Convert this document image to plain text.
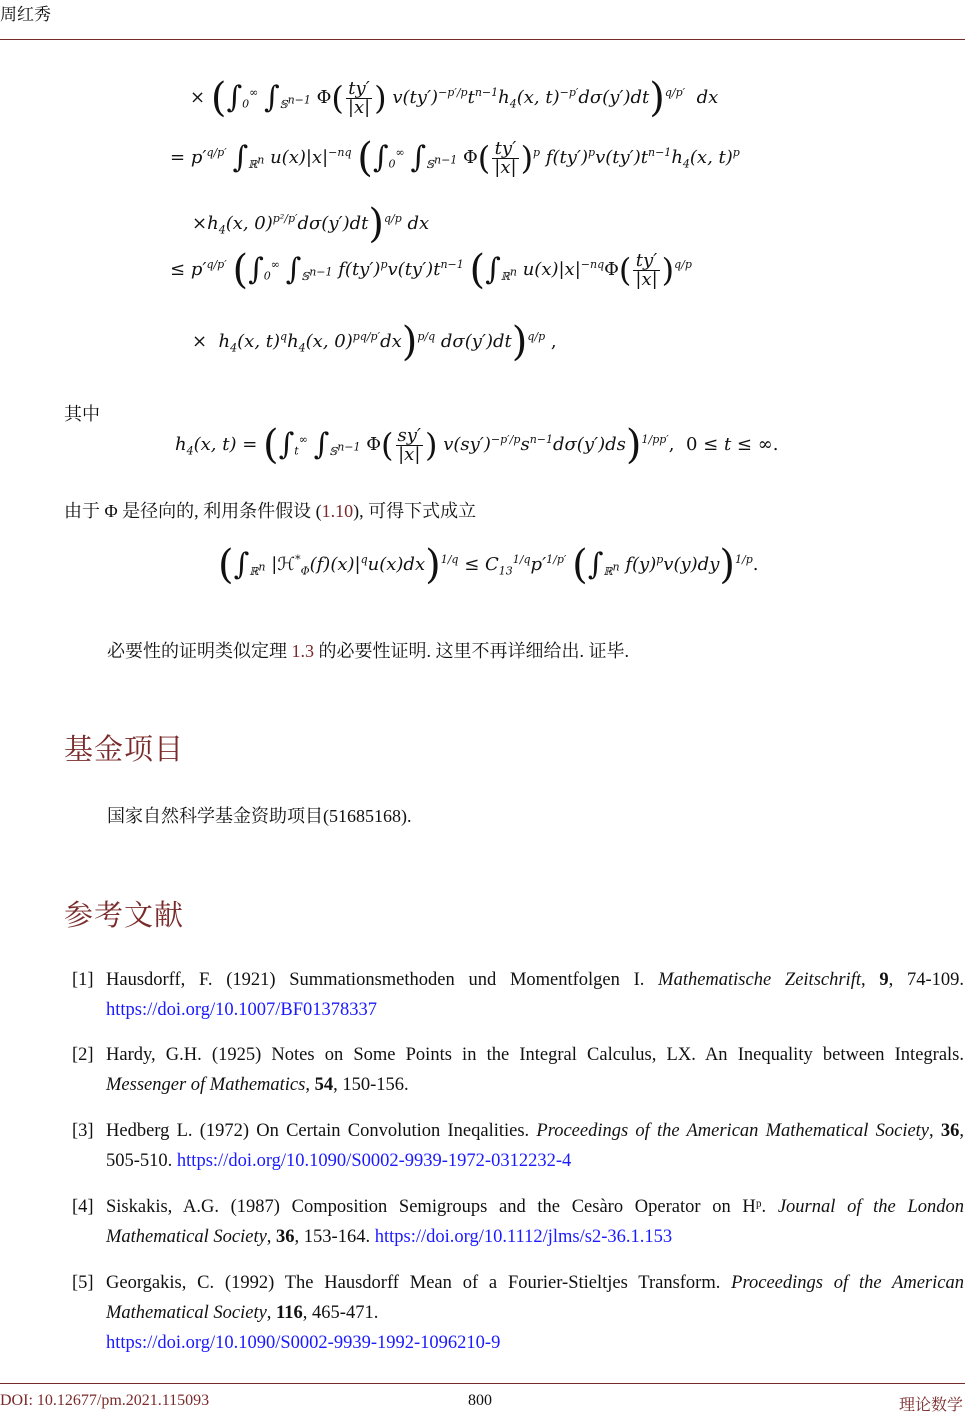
周红秀
× ($\int_0^\infty$ $\int_{𝕊^{n-1}}$ $\Phi( \frac{ty'}{|x|}$ ) $v(ty')^{-p'/p}t^{n-1}h_4(x$, t)$^{-p'}$dσ(y′)dt)$^{q/p'}$  dx
= $p'^{q/p'}$ $\int_{ℝ^n}$ $u(x)|x|^{-nq}$ ($\int_0^\infty$ $\int_{𝕊^{n-1}}$ $\Phi( \frac{ty'}{|x|} )^p$ $f(ty')^pv(ty')t^{n-1}h_4(x$, t)$^p$
$\times h_4(x$, 0)$^{p^2/p'}$dσ(y′)dt)$^{q/p}$ dx
≤ $p'^{q/p'}$ ($\int_0^\infty$ $\int_{𝕊^{n-1}}$ $f(ty')^pv(ty')t^{n-1}$ ($\int_{ℝ^n}$ $u(x)|x|^{-nq}\Phi( \frac{ty'}{|x|} )^{q/p}$
×  $h_4(x$, $t)^qh_4(x$, 0)$^{pq/p'}$dx)$^{p/q}$ dσ(y′)dt)$^{q/p}$ ,
其中
$h_4(x$, $t) = (\int_t^\infty$ $\int_{𝕊^{n-1}}$ $\Phi( \frac{sy'}{|x|}$ ) $v(sy')^{-p'/p}s^{n-1}d\sigma(y')ds)^{1/pp'}$, 0 ≤ t ≤ ∞.
由于 Φ 是径向的, 利用条件假设 (1.10), 可得下式成立
($\int_{ℝ^n}$ $|ℋ^*_\Phi(f)(x)|^qu(x)dx)^{1/q} \le C_{13}^{1/q}p'^{1/p'}$ ($\int_{ℝ^n}$ $f(y)^pv(y)dy)^{1/p}$.
必要性的证明类似定理 1.3 的必要性证明. 这里不再详细给出. 证毕.
基金项目
国家自然科学基金资助项目(51685168).
参考文献
[1] Hausdorff, F. (1921) Summationsmethoden und Momentfolgen I. Mathematische Zeitschrift, 9, 74-109. https://doi.org/10.1007/BF01378337
[2] Hardy, G.H. (1925) Notes on Some Points in the Integral Calculus, LX. An Inequality between Integrals. Messenger of Mathematics, 54, 150-156.
[3] Hedberg L. (1972) On Certain Convolution Ineqalities. Proceedings of the American Mathematical Society, 36, 505-510. https://doi.org/10.1090/S0002-9939-1972-0312232-4
[4] Siskakis, A.G. (1987) Composition Semigroups and the Cesàro Operator on Hᵖ. Journal of the London Mathematical Society, 36, 153-164. https://doi.org/10.1112/jlms/s2-36.1.153
[5] Georgakis, C. (1992) The Hausdorff Mean of a Fourier-Stieltjes Transform. Proceedings of the American Mathematical Society, 116, 465-471.
https://doi.org/10.1090/S0002-9939-1992-1096210-9
DOI: 10.12677/pm.2021.115093	800	理论数学
